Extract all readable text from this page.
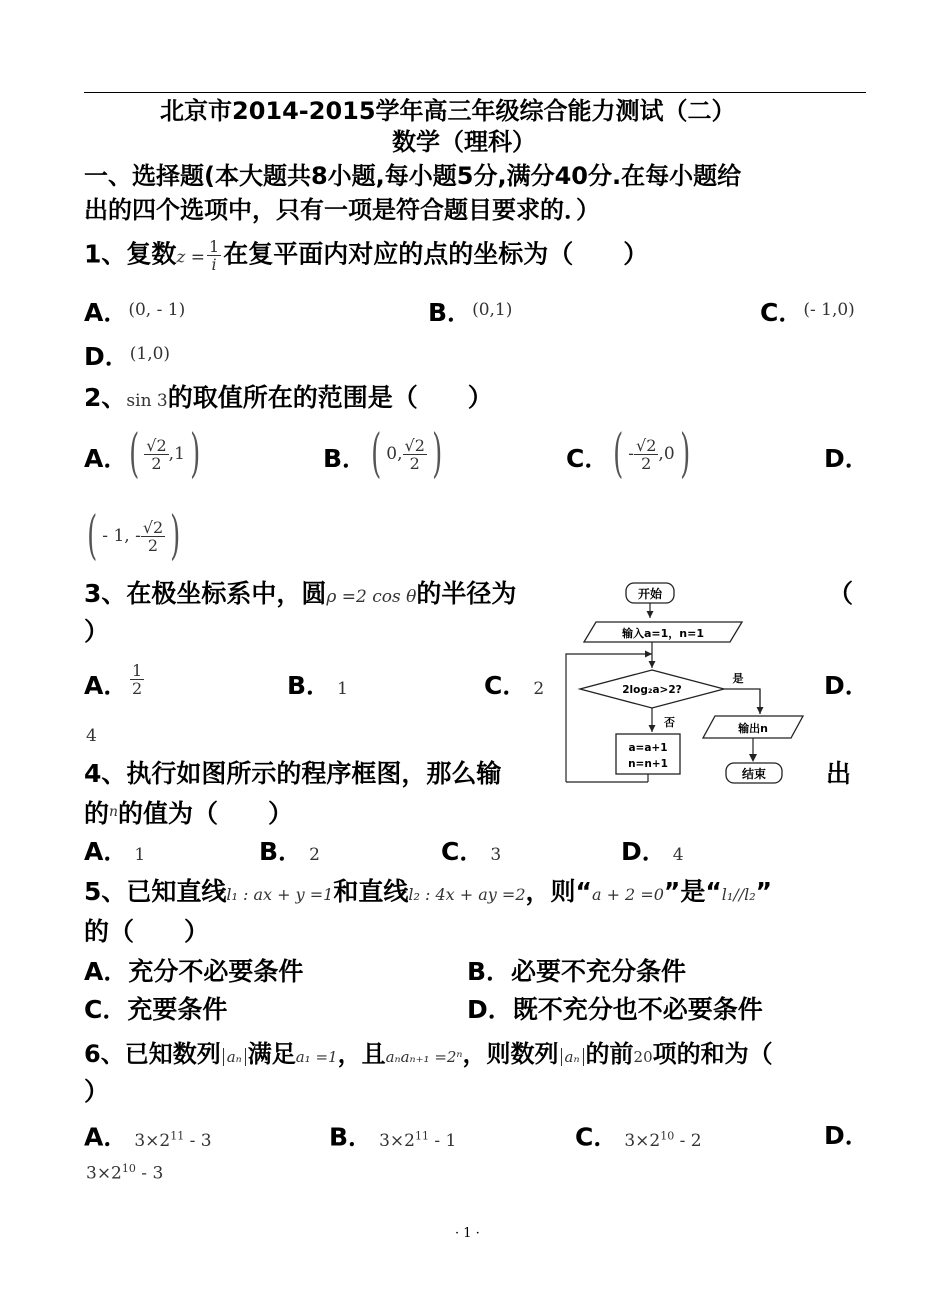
北京市2014-2015学年高三年级综合能力测试（二）
数学（理科）
一、选择题(本大题共8小题,每小题5分,满分40分.在每小题给
出的四个选项中，只有一项是符合题目要求的．）
1、复数$z = \frac{1}{i}$ 在复平面内对应的点的坐标为（　　）
A．$^{(0, - 1)}$	B．$^{(0,1)}$	C．$^{(- 1,0)}$
D．$^{(1,0)}$
2、sin 3的取值所在的范围是（　　）
A． ( $\frac{√2}{2} ,1$ )	B． ( 0, $\frac{√2}{2}$ )	C． ( - $\frac{√2}{2} ,0$ )	D．
( - 1, - $\frac{√2}{2}$ )
3、在极坐标系中，圆ρ =2 cos θ的半径为	（
）
A． $\frac{1}{2}$	B． 1	C． 2	D．
4
4、执行如图所示的程序框图，那么输	出
的$^n$的值为（　　）
A． 1	B． 2	C． 3	D． 4
开始
输入a=1，n=1
2log₂a>2?
是
输出n
否
a=a+1
n=n+1
结束
5、已知直线l₁ : ax + y =1和直线l₂ : 4x + ay =2，则“a + 2 =0”是“l₁//l₂”
的（　　）
A．充分不必要条件	B．必要不充分条件
C．充要条件	D．既不充分也不必要条件
6、已知数列 aₙ 满足a₁ =1，且aₙaₙ₊₁ =2ⁿ，则数列 aₙ 的前20项的和为（
）
A． $3\times 2^{11} - 3$	B． $3\times 2^{11} - 1$	C． $3\times 2^{10} - 2$	D．
$3\times 2^{10} - 3$
· 1 ·
